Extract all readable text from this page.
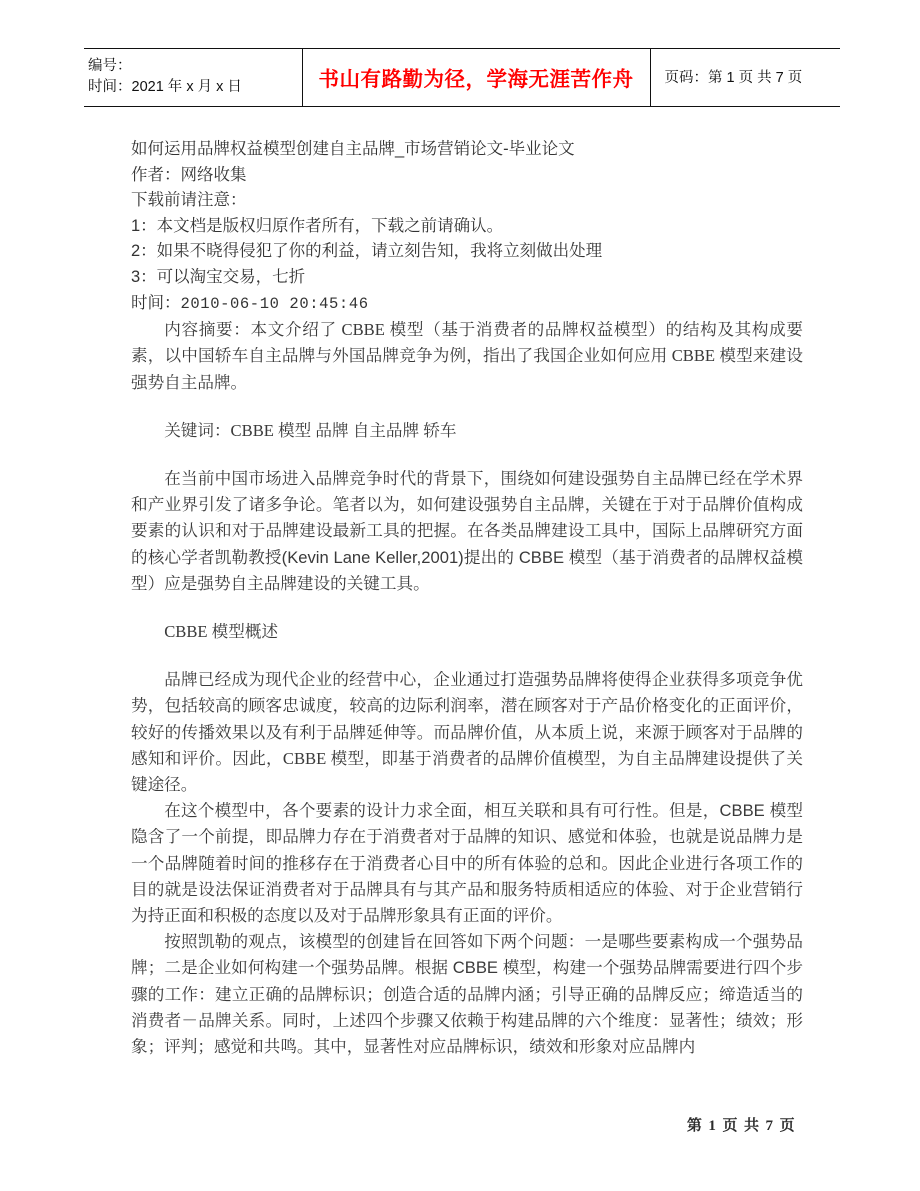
编号：
时间：2021 年 x 月 x 日	书山有路勤为径，学海无涯苦作舟	页码：第 1 页 共 7 页
如何运用品牌权益模型创建自主品牌_市场营销论文-毕业论文
作者：网络收集
下载前请注意：
1：本文档是版权归原作者所有，下载之前请确认。
2：如果不晓得侵犯了你的利益，请立刻告知，我将立刻做出处理
3：可以淘宝交易，七折
时间：2010-06-10 20:45:46

内容摘要：本文介绍了 CBBE 模型（基于消费者的品牌权益模型）的结构及其构成要素，以中国轿车自主品牌与外国品牌竞争为例，指出了我国企业如何应用 CBBE 模型来建设强势自主品牌。

关键词：CBBE 模型 品牌 自主品牌 轿车

在当前中国市场进入品牌竞争时代的背景下，围绕如何建设强势自主品牌已经在学术界和产业界引发了诸多争论。笔者以为，如何建设强势自主品牌，关键在于对于品牌价值构成要素的认识和对于品牌建设最新工具的把握。在各类品牌建设工具中，国际上品牌研究方面的核心学者凯勒教授(Kevin Lane Keller,2001)提出的 CBBE 模型（基于消费者的品牌权益模型）应是强势自主品牌建设的关键工具。

CBBE 模型概述

品牌已经成为现代企业的经营中心，企业通过打造强势品牌将使得企业获得多项竞争优势，包括较高的顾客忠诚度，较高的边际利润率，潜在顾客对于产品价格变化的正面评价，较好的传播效果以及有利于品牌延伸等。而品牌价值，从本质上说，来源于顾客对于品牌的感知和评价。因此，CBBE 模型，即基于消费者的品牌价值模型，为自主品牌建设提供了关键途径。

在这个模型中，各个要素的设计力求全面，相互关联和具有可行性。但是，CBBE 模型隐含了一个前提，即品牌力存在于消费者对于品牌的知识、感觉和体验，也就是说品牌力是一个品牌随着时间的推移存在于消费者心目中的所有体验的总和。因此企业进行各项工作的目的就是设法保证消费者对于品牌具有与其产品和服务特质相适应的体验、对于企业营销行为持正面和积极的态度以及对于品牌形象具有正面的评价。

按照凯勒的观点，该模型的创建旨在回答如下两个问题：一是哪些要素构成一个强势品牌；二是企业如何构建一个强势品牌。根据 CBBE 模型，构建一个强势品牌需要进行四个步骤的工作：建立正确的品牌标识；创造合适的品牌内涵；引导正确的品牌反应；缔造适当的消费者－品牌关系。同时，上述四个步骤又依赖于构建品牌的六个维度：显著性；绩效；形象；评判；感觉和共鸣。其中，显著性对应品牌标识，绩效和形象对应品牌内

第 1 页 共 7 页
